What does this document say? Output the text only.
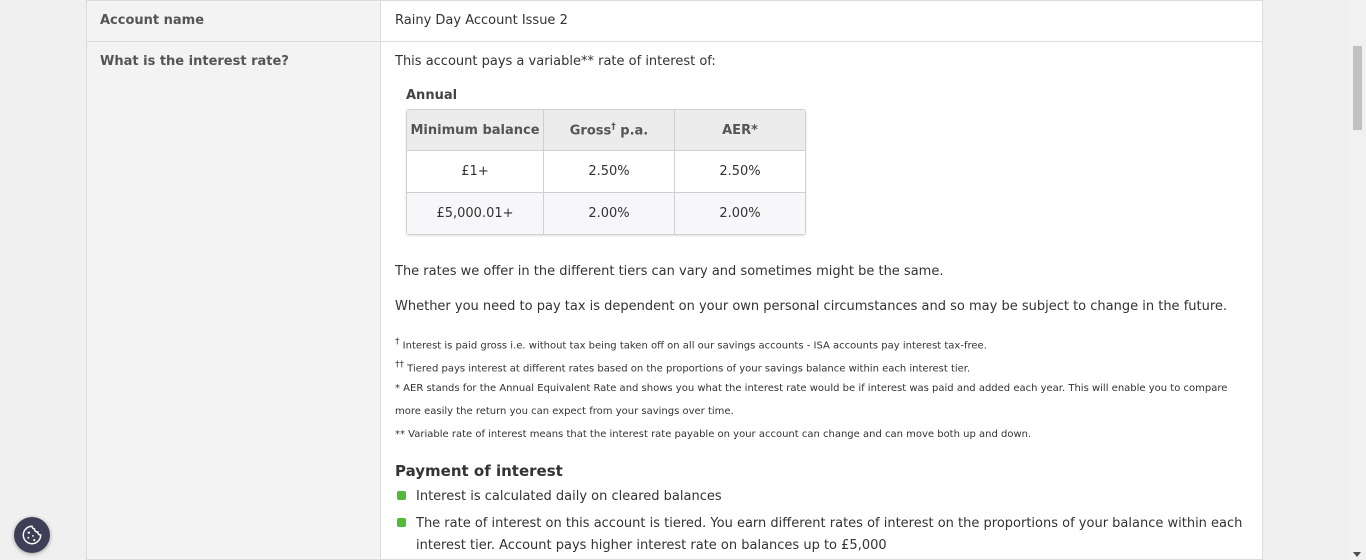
Account name	Rainy Day Account Issue 2
What is the interest rate?	This account pays a variable** rate of interest of:
Annual
Minimum balance	Gross† p.a.	AER*
£1+	2.50%	2.50%
£5,000.01+	2.00%	2.00%
The rates we offer in the different tiers can vary and sometimes might be the same.
Whether you need to pay tax is dependent on your own personal circumstances and so may be subject to change in the future.
† Interest is paid gross i.e. without tax being taken off on all our savings accounts - ISA accounts pay interest tax-free.
†† Tiered pays interest at different rates based on the proportions of your savings balance within each interest tier.
* AER stands for the Annual Equivalent Rate and shows you what the interest rate would be if interest was paid and added each year. This will enable you to compare more easily the return you can expect from your savings over time.
** Variable rate of interest means that the interest rate payable on your account can change and can move both up and down.
Payment of interest
Interest is calculated daily on cleared balances
The rate of interest on this account is tiered. You earn different rates of interest on the proportions of your balance within each interest tier. Account pays higher interest rate on balances up to £5,000
